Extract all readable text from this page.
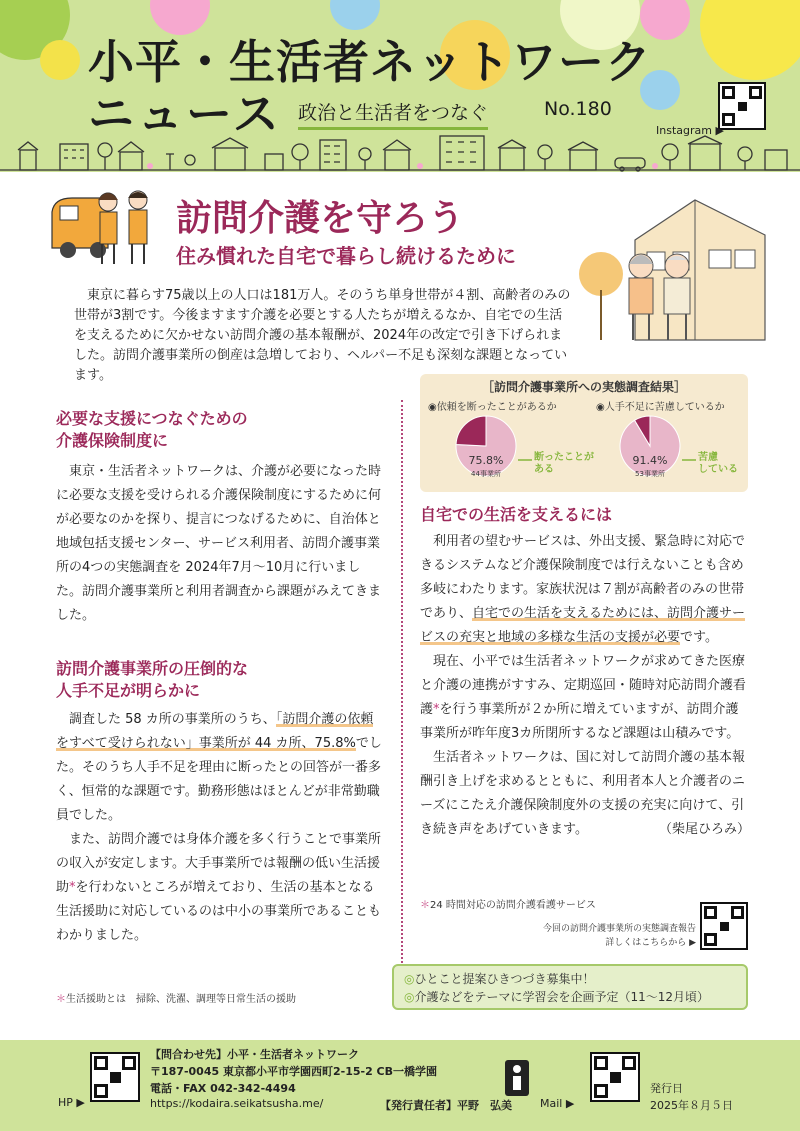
小平・生活者ネットワーク
ニュース 政治と生活者をつなぐ	No.180
Instagram ▶
訪問介護を守ろう
住み慣れた自宅で暮らし続けるために
東京に暮らす75歳以上の人口は181万人。そのうち単身世帯が４割、高齢者のみの世帯が3割です。今後ますます介護を必要とする人たちが増えるなか、自宅での生活を支えるために欠かせない訪問介護の基本報酬が、2024年の改定で引き下げられました。訪問介護事業所の倒産は急増しており、ヘルパー不足も深刻な課題となっています。
［訪問介護事業所への実態調査結果］
◉依頼を断ったことがあるか	◉人手不足に苦慮しているか
75.8%
44事業所
91.4%
53事業所
断ったことが
ある
苦慮
している
必要な支援につなぐための
介護保険制度に

東京・生活者ネットワークは、介護が必要になった時に必要な支援を受けられる介護保険制度にするために何が必要なのかを探り、提言につなげるために、自治体と地域包括支援センター、サービス利用者、訪問介護事業所の4つの実態調査を 2024年7月〜10月に行いました。訪問介護事業所と利用者調査から課題がみえてきました。

訪問介護事業所の圧倒的な
人手不足が明らかに

調査した 58 カ所の事業所のうち、「訪問介護の依頼をすべて受けられない」事業所が 44 カ所、75.8%でした。そのうち人手不足を理由に断ったとの回答が一番多く、恒常的な課題です。勤務形態はほとんどが非常勤職員でした。

また、訪問介護では身体介護を多く行うことで事業所の収入が安定します。大手事業所では報酬の低い生活援助*を行わないところが増えており、生活の基本となる生活援助に対応しているのは中小の事業所であることもわかりました。

＊生活援助とは　掃除、洗濯、調理等日常生活の援助
自宅での生活を支えるには

利用者の望むサービスは、外出支援、緊急時に対応できるシステムなど介護保険制度では行えないことも含め多岐にわたります。家族状況は７割が高齢者のみの世帯であり、自宅での生活を支えるためには、訪問介護サービスの充実と地域の多様な生活の支援が必要です。

現在、小平では生活者ネットワークが求めてきた医療と介護の連携がすすみ、定期巡回・随時対応訪問介護看護*を行う事業所が２か所に増えていますが、訪問介護事業所が昨年度3カ所閉所するなど課題は山積みです。

生活者ネットワークは、国に対して訪問介護の基本報酬引き上げを求めるとともに、利用者本人と介護者のニーズにこたえ介護保険制度外の支援の充実に向けて、引き続き声をあげていきます。	（柴尾ひろみ）

＊24 時間対応の訪問介護看護サービス
今回の訪問介護事業所の実態調査報告
詳しくはこちらから ▶
◎ひとこと提案ひきつづき募集中！
◎介護などをテーマに学習会を企画予定（11〜12月頃）
HP ▶
【問合わせ先】小平・生活者ネットワーク
〒187-0045 東京都小平市学園西町2-15-2 CB一橋学園
電話・FAX 042-342-4494
https://kodaira.seikatsusha.me/	【発行責任者】平野　弘美	Mail ▶
発行日
2025年８月５日
